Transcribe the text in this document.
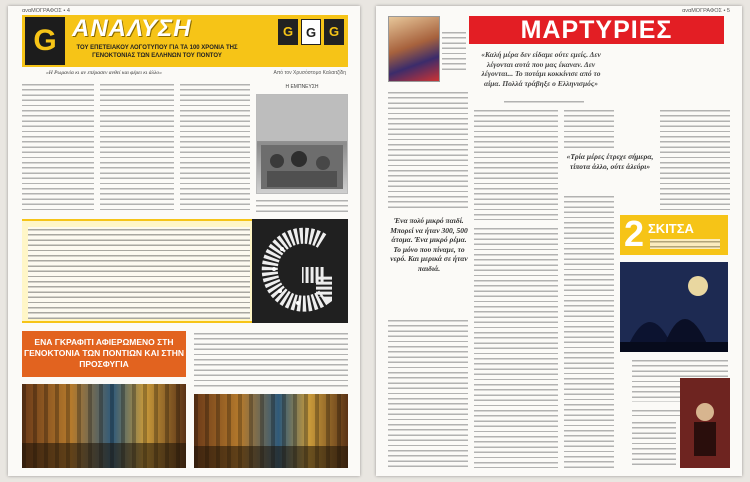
αναΜΟΓΡΑΦΟΣ • 4
G ΑΝΑΛΥΣΗ
ΤΟΥ ΕΠΕΤΕΙΑΚΟΥ ΛΟΓΟΤΥΠΟΥ ΓΙΑ ΤΑ 100 ΧΡΟΝΙΑ ΤΗΣ ΓΕΝΟΚΤΟΝΙΑΣ ΤΩΝ ΕΛΛΗΝΩΝ ΤΟΥ ΠΟΝΤΟΥ
G G G
«Η Ρωμανία κι αν επέρασεν ανθεί και φέρει κι άλλο»	Από τον Χρυσόστομο Καλαιτζίδη
Η ΕΜΠΝΕΥΣΗ
ΕΝΑ ΓΚΡΑΦΙΤΙ ΑΦΙΕΡΩΜΕΝΟ ΣΤΗ ΓΕΝΟΚΤΟΝΙΑ ΤΩΝ ΠΟΝΤΙΩΝ ΚΑΙ ΣΤΗΝ ΠΡΟΣΦΥΓΙΑ
αναΜΟΓΡΑΦΟΣ • 5
ΜΑΡΤΥΡΙΕΣ
«Καλή μέρα δεν είδαμε ούτε εμείς. Δεν λέγονται αυτά που μας έκαναν. Δεν λέγονται... Το ποτάμι κοκκίνισε από το αίμα. Πολλά τράβηξε ο Ελληνισμός»
Ένα πολύ μικρό παιδί. Μπορεί να ήταν 300, 500 άτομα. Ένα μικρό ρέμα. Το μόνο που πίναμε, το νερό. Και μερικά σε ήταν παιδιά.
«Τρία μέρες έτρεχε σήμερα, τίποτα άλλο, ούτε άλεύρι»
2 ΣΚΙΤΣΑ
